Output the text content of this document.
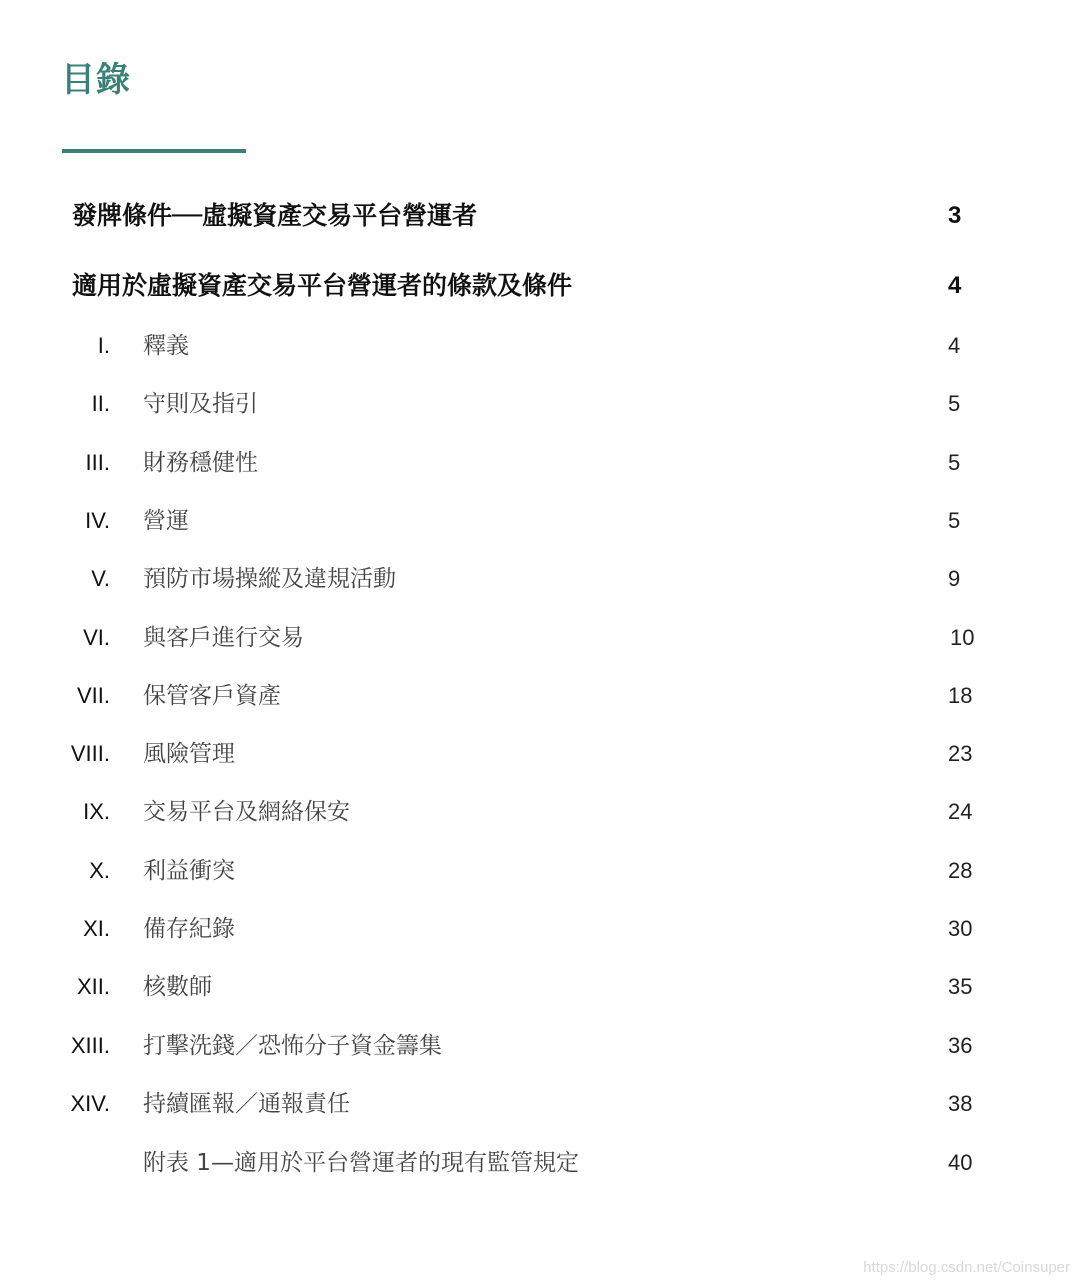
目錄
發牌條件──虛擬資產交易平台營運者	3
適用於虛擬資產交易平台營運者的條款及條件	4
I. 釋義	4
II. 守則及指引	5
III. 財務穩健性	5
IV. 營運	5
V. 預防市場操縱及違規活動	9
VI. 與客戶進行交易	10
VII. 保管客戶資產	18
VIII. 風險管理	23
IX. 交易平台及網絡保安	24
X. 利益衝突	28
XI. 備存紀錄	30
XII. 核數師	35
XIII. 打擊洗錢／恐怖分子資金籌集	36
XIV. 持續匯報／通報責任	38
附表 1—適用於平台營運者的現有監管規定	40
https://blog.csdn.net/Coinsuper
